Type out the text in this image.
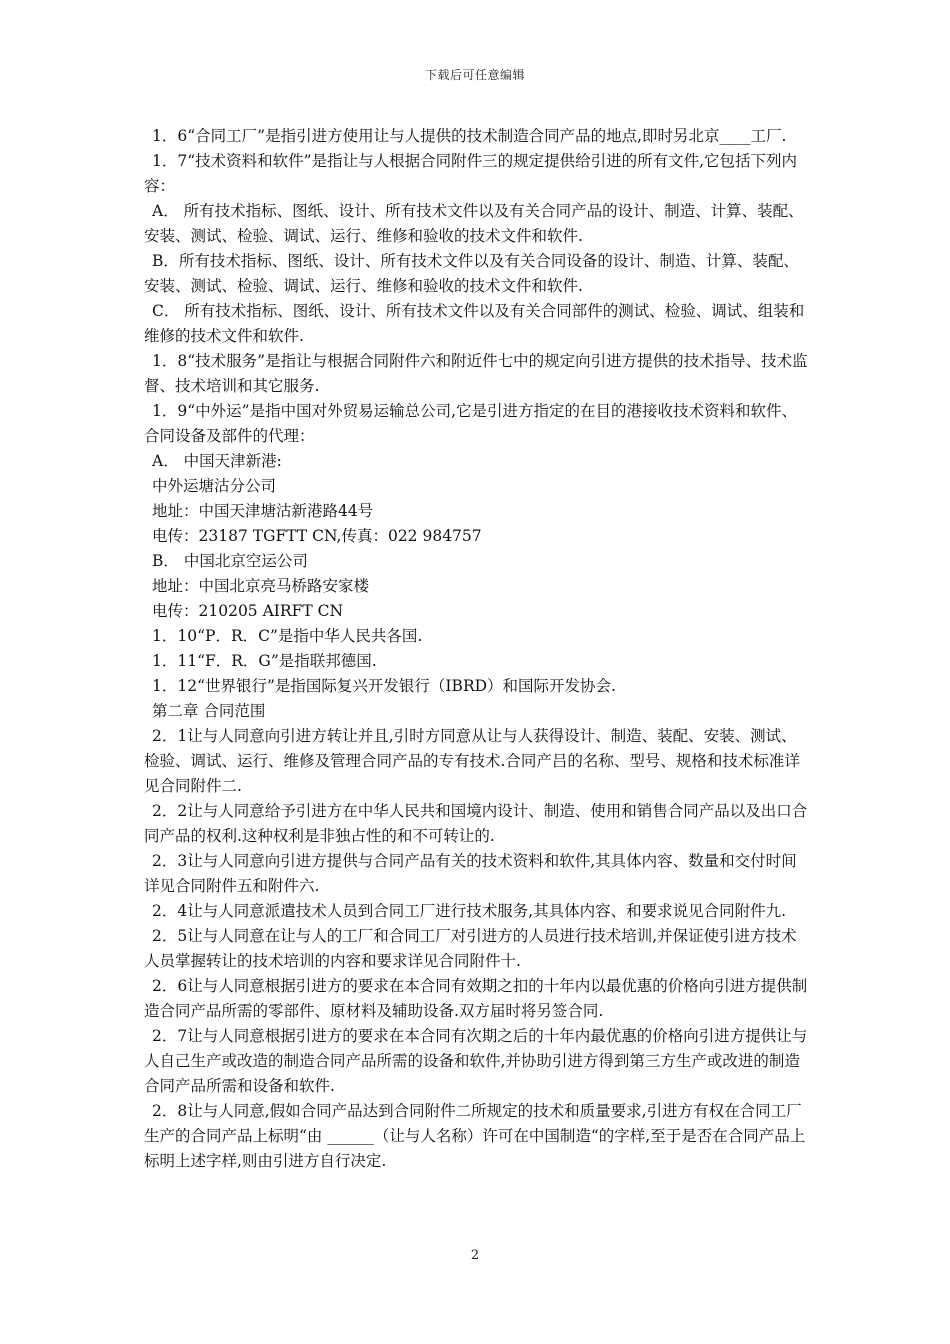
下载后可任意编辑

1．6“合同工厂”是指引进方使用让与人提供的技术制造合同产品的地点,即时另北京____工厂.

1．7“技术资料和软件”是指让与人根据合同附件三的规定提供给引进的所有文件,它包括下列内容：

A． 所有技术指标、图纸、设计、所有技术文件以及有关合同产品的设计、制造、计算、装配、安装、测试、检验、调试、运行、维修和验收的技术文件和软件.

B．所有技术指标、图纸、设计、所有技术文件以及有关合同设备的设计、制造、计算、装配、安装、测试、检验、调试、运行、维修和验收的技术文件和软件.

C． 所有技术指标、图纸、设计、所有技术文件以及有关合同部件的测试、检验、调试、组装和维修的技术文件和软件.

1．8“技术服务”是指让与根据合同附件六和附近件七中的规定向引进方提供的技术指导、技术监督、技术培训和其它服务.

1．9“中外运”是指中国对外贸易运输总公司,它是引进方指定的在目的港接收技术资料和软件、合同设备及部件的代理：

A． 中国天津新港:

中外运塘沽分公司

地址：中国天津塘沽新港路44号

电传：23187 TGFTT CN,传真：022 984757

B． 中国北京空运公司

地址：中国北京亮马桥路安家楼

电传：210205 AIRFT CN

1．10“P．R．C”是指中华人民共各国.

1．11“F．R．G”是指联邦德国.

1．12“世界银行”是指国际复兴开发银行（IBRD）和国际开发协会.

第二章 合同范围

2．1让与人同意向引进方转让并且,引时方同意从让与人获得设计、制造、装配、安装、测试、检验、调试、运行、维修及管理合同产品的专有技术.合同产吕的名称、型号、规格和技术标准详见合同附件二.

2．2让与人同意给予引进方在中华人民共和国境内设计、制造、使用和销售合同产品以及出口合同产品的权利.这种权利是非独占性的和不可转让的.

2．3让与人同意向引进方提供与合同产品有关的技术资料和软件,其具体内容、数量和交付时间详见合同附件五和附件六.

2．4让与人同意派遣技术人员到合同工厂进行技术服务,其具体内容、和要求说见合同附件九.

2．5让与人同意在让与人的工厂和合同工厂对引进方的人员进行技术培训,并保证使引进方技术人员掌握转让的技术培训的内容和要求详见合同附件十.

2．6让与人同意根据引进方的要求在本合同有效期之扣的十年内以最优惠的价格向引进方提供制造合同产品所需的零部件、原材料及辅助设备.双方届时将另签合同.

2．7让与人同意根据引进方的要求在本合同有次期之后的十年内最优惠的价格向引进方提供让与人自己生产或改造的制造合同产品所需的设备和软件,并协助引进方得到第三方生产或改进的制造合同产品所需和设备和软件.

2．8让与人同意,假如合同产品达到合同附件二所规定的技术和质量要求,引进方有权在合同工厂生产的合同产品上标明“由 ______（让与人名称）许可在中国制造“的字样,至于是否在合同产品上标明上述字样,则由引进方自行决定.

2
